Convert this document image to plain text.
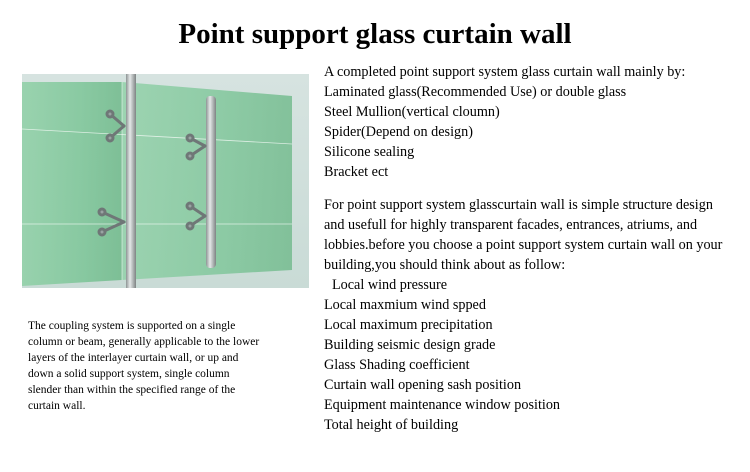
Point support glass curtain wall
The coupling system is supported on a single
column or beam, generally applicable to the lower
layers of the interlayer curtain wall, or up and
down a solid support system, single column
slender than within the specified range of the
curtain wall.
A completed point support system glass curtain wall mainly by:
Laminated glass(Recommended Use) or double glass
Steel Mullion(vertical cloumn)
Spider(Depend on design)
Silicone sealing
Bracket ect
For point support system glasscurtain wall is simple structure design
and usefull for highly transparent facades, entrances, atriums, and
lobbies.before you choose a point support system curtain wall on your
building,you should think about as follow:
Local wind pressure
Local maxmium wind spped
Local maximum precipitation
Building seismic design grade
Glass Shading coefficient
Curtain wall opening sash position
Equipment maintenance window position
Total height of building
